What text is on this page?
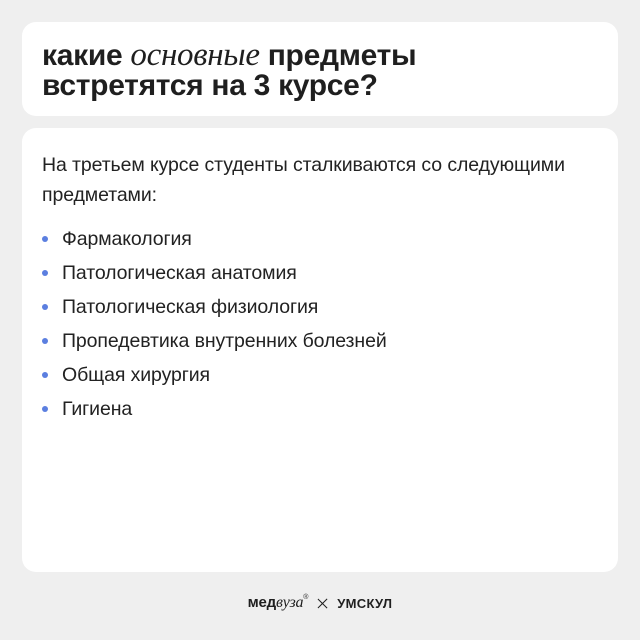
какие основные предметы
встретятся на 3 курсе?

На третьем курсе студенты сталкиваются со следующими предметами:

Фармакология
Патологическая анатомия
Патологическая физиология
Пропедевтика внутренних болезней
Общая хирургия
Гигиена
медвуза® УМСКУЛ
